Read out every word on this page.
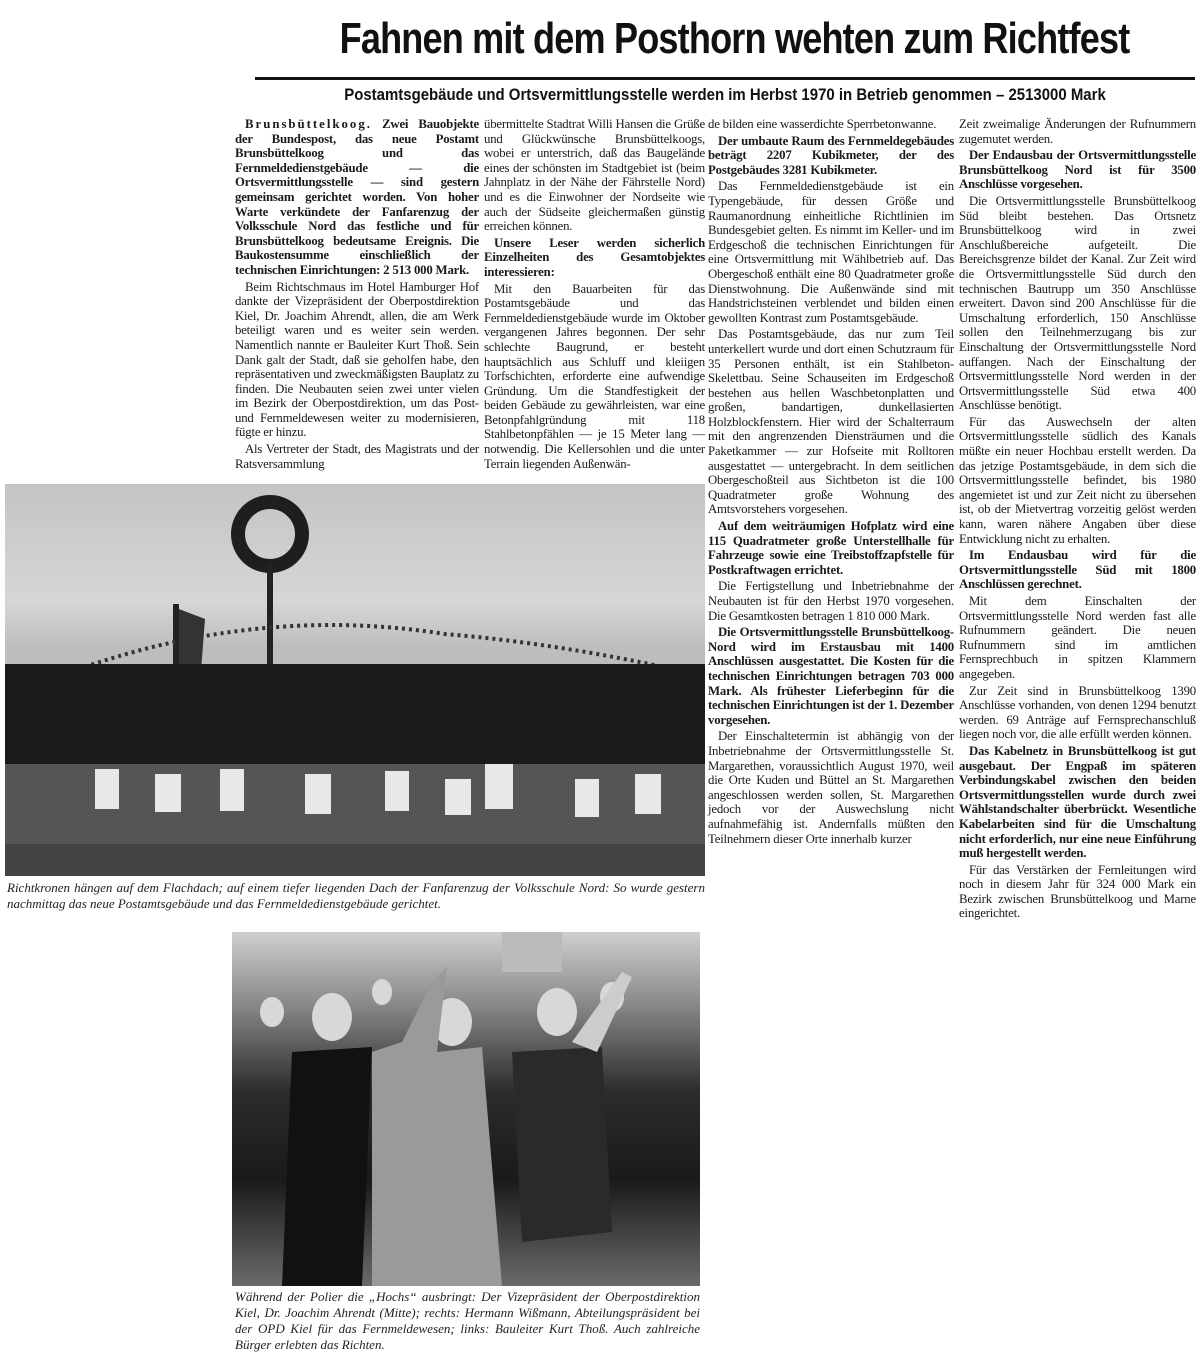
Fahnen mit dem Posthorn wehten zum Richtfest
Postamtsgebäude und Ortsvermittlungsstelle werden im Herbst 1970 in Betrieb genommen – 2513000 Mark

Brunsbüttelkoog. Zwei Bauobjekte der Bundespost, das neue Postamt Brunsbüttelkoog und das Fernmeldedienstgebäude — die Ortsvermittlungsstelle — sind gestern gemeinsam gerichtet worden. Von hoher Warte verkündete der Fanfarenzug der Volksschule Nord das festliche und für Brunsbüttelkoog bedeutsame Ereignis. Die Baukostensumme einschließlich der technischen Einrichtungen: 2 513 000 Mark.

Beim Richtschmaus im Hotel Hamburger Hof dankte der Vizepräsident der Oberpostdirektion Kiel, Dr. Joachim Ahrendt, allen, die am Werk beteiligt waren und es weiter sein werden. Namentlich nannte er Bauleiter Kurt Thoß. Sein Dank galt der Stadt, daß sie geholfen habe, den repräsentativen und zweckmäßigsten Bauplatz zu finden. Die Neubauten seien zwei unter vielen im Bezirk der Oberpostdirektion, um das Post- und Fernmeldewesen weiter zu modernisieren, fügte er hinzu.

Als Vertreter der Stadt, des Magistrats und der Ratsversammlung

übermittelte Stadtrat Willi Hansen die Grüße und Glückwünsche Brunsbüttelkoogs, wobei er unterstrich, daß das Baugelände eines der schönsten im Stadtgebiet ist (beim Jahnplatz in der Nähe der Fährstelle Nord) und es die Einwohner der Nordseite wie auch der Südseite gleichermaßen günstig erreichen können.

Unsere Leser werden sicherlich Einzelheiten des Gesamtobjektes interessieren:

Mit den Bauarbeiten für das Postamtsgebäude und das Fernmeldedienstgebäude wurde im Oktober vergangenen Jahres begonnen. Der sehr schlechte Baugrund, er besteht hauptsächlich aus Schluff und kleiigen Torfschichten, erforderte eine aufwendige Gründung. Um die Standfestigkeit der beiden Gebäude zu gewährleisten, war eine Betonpfahlgründung mit 118 Stahlbetonpfählen — je 15 Meter lang — notwendig. Die Kellersohlen und die unter Terrain liegenden Außenwän-

de bilden eine wasserdichte Sperrbetonwanne.

Der umbaute Raum des Fernmeldegebäudes beträgt 2207 Kubikmeter, der des Postgebäudes 3281 Kubikmeter.

Das Fernmeldedienstgebäude ist ein Typengebäude, für dessen Größe und Raumanordnung einheitliche Richtlinien im Bundesgebiet gelten. Es nimmt im Keller- und im Erdgeschoß die technischen Einrichtungen für eine Ortsvermittlung mit Wählbetrieb auf. Das Obergeschoß enthält eine 80 Quadratmeter große Dienstwohnung. Die Außenwände sind mit Handstrichsteinen verblendet und bilden einen gewollten Kontrast zum Postamtsgebäude.

Das Postamtsgebäude, das nur zum Teil unterkellert wurde und dort einen Schutzraum für 35 Personen enthält, ist ein Stahlbeton-Skelettbau. Seine Schauseiten im Erdgeschoß bestehen aus hellen Waschbetonplatten und großen, bandartigen, dunkellasierten Holzblockfenstern. Hier wird der Schalterraum mit den angrenzenden Diensträumen und die Paketkammer — zur Hofseite mit Rolltoren ausgestattet — untergebracht. In dem seitlichen Obergeschoßteil aus Sichtbeton ist die 100 Quadratmeter große Wohnung des Amtsvorstehers vorgesehen.

Auf dem weiträumigen Hofplatz wird eine 115 Quadratmeter große Unterstellhalle für Fahrzeuge sowie eine Treibstoffzapfstelle für Postkraftwagen errichtet.

Die Fertigstellung und Inbetriebnahme der Neubauten ist für den Herbst 1970 vorgesehen. Die Gesamtkosten betragen 1 810 000 Mark.

Die Ortsvermittlungsstelle Brunsbüttelkoog-Nord wird im Erstausbau mit 1400 Anschlüssen ausgestattet. Die Kosten für die technischen Einrichtungen betragen 703 000 Mark. Als frühester Lieferbeginn für die technischen Einrichtungen ist der 1. Dezember vorgesehen.

Der Einschaltetermin ist abhängig von der Inbetriebnahme der Ortsvermittlungsstelle St. Margarethen, voraussichtlich August 1970, weil die Orte Kuden und Büttel an St. Margarethen angeschlossen werden sollen, St. Margarethen jedoch vor der Auswechslung nicht aufnahmefähig ist. Andernfalls müßten den Teilnehmern dieser Orte innerhalb kurzer

Zeit zweimalige Änderungen der Rufnummern zugemutet werden.

Der Endausbau der Ortsvermittlungsstelle Brunsbüttelkoog Nord ist für 3500 Anschlüsse vorgesehen.

Die Ortsvermittlungsstelle Brunsbüttelkoog Süd bleibt bestehen. Das Ortsnetz Brunsbüttelkoog wird in zwei Anschlußbereiche aufgeteilt. Die Bereichsgrenze bildet der Kanal. Zur Zeit wird die Ortsvermittlungsstelle Süd durch den technischen Bautrupp um 350 Anschlüsse erweitert. Davon sind 200 Anschlüsse für die Umschaltung erforderlich, 150 Anschlüsse sollen den Teilnehmerzugang bis zur Einschaltung der Ortsvermittlungsstelle Nord auffangen. Nach der Einschaltung der Ortsvermittlungsstelle Nord werden in der Ortsvermittlungsstelle Süd etwa 400 Anschlüsse benötigt.

Für das Auswechseln der alten Ortsvermittlungsstelle südlich des Kanals müßte ein neuer Hochbau erstellt werden. Da das jetzige Postamtsgebäude, in dem sich die Ortsvermittlungsstelle befindet, bis 1980 angemietet ist und zur Zeit nicht zu übersehen ist, ob der Mietvertrag vorzeitig gelöst werden kann, waren nähere Angaben über diese Entwicklung nicht zu erhalten.

Im Endausbau wird für die Ortsvermittlungsstelle Süd mit 1800 Anschlüssen gerechnet.

Mit dem Einschalten der Ortsvermittlungsstelle Nord werden fast alle Rufnummern geändert. Die neuen Rufnummern sind im amtlichen Fernsprechbuch in spitzen Klammern angegeben.

Zur Zeit sind in Brunsbüttelkoog 1390 Anschlüsse vorhanden, von denen 1294 benutzt werden. 69 Anträge auf Fernsprechanschluß liegen noch vor, die alle erfüllt werden können.

Das Kabelnetz in Brunsbüttelkoog ist gut ausgebaut. Der Engpaß im späteren Verbindungskabel zwischen den beiden Ortsvermittlungsstellen wurde durch zwei Wählstandschalter überbrückt. Wesentliche Kabelarbeiten sind für die Umschaltung nicht erforderlich, nur eine neue Einführung muß hergestellt werden.

Für das Verstärken der Fernleitungen wird noch in diesem Jahr für 324 000 Mark ein Bezirk zwischen Brunsbüttelkoog und Marne eingerichtet.

Richtkronen hängen auf dem Flachdach; auf einem tiefer liegenden Dach der Fanfarenzug der Volksschule Nord: So wurde gestern nachmittag das neue Postamtsgebäude und das Fernmeldedienstgebäude gerichtet.
Während der Polier die „Hochs“ ausbringt: Der Vizepräsident der Oberpostdirektion Kiel, Dr. Joachim Ahrendt (Mitte); rechts: Hermann Wißmann, Abteilungspräsident bei der OPD Kiel für das Fernmeldewesen; links: Bauleiter Kurt Thoß. Auch zahlreiche Bürger erlebten das Richten.
